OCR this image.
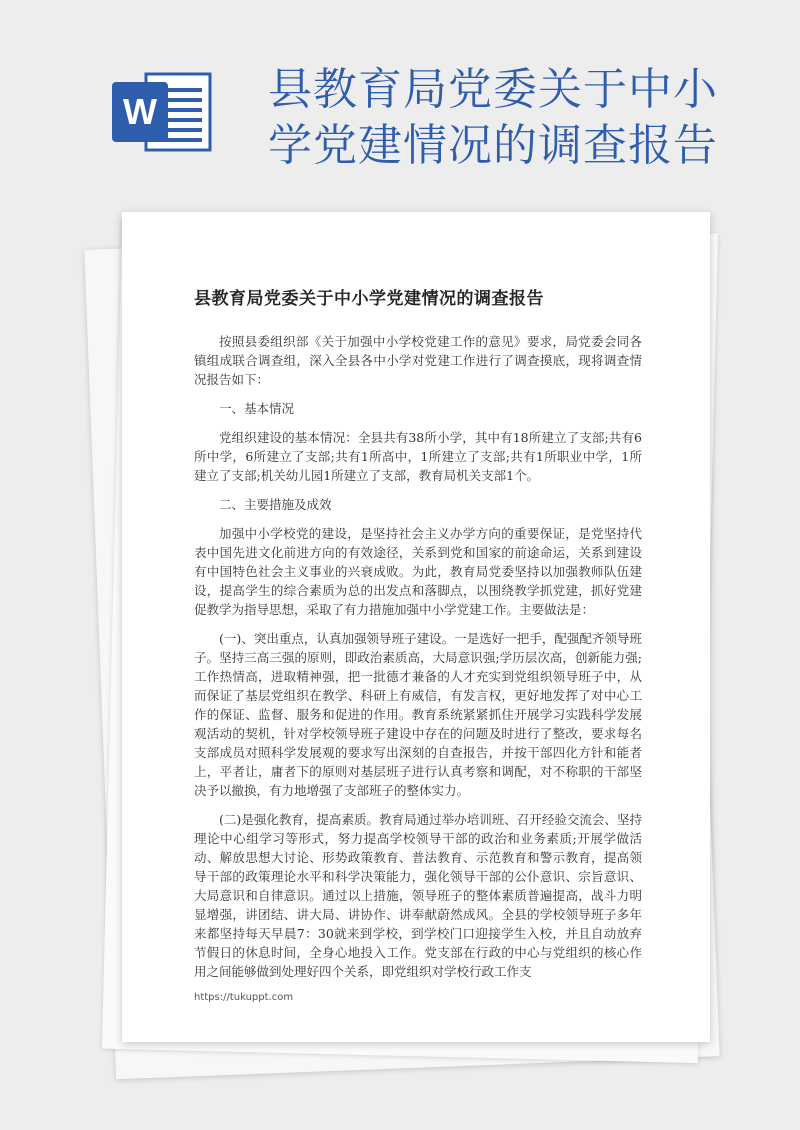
W	县教育局党委关于中小
学党建情况的调查报告
县教育局党委关于中小学党建情况的调查报告

按照县委组织部《关于加强中小学校党建工作的意见》要求，局党委会同各镇组成联合调查组，深入全县各中小学对党建工作进行了调查摸底，现将调查情况报告如下：

一、基本情况

党组织建设的基本情况：全县共有38所小学，其中有18所建立了支部;共有6所中学，6所建立了支部;共有1所高中，1所建立了支部;共有1所职业中学，1所建立了支部;机关幼儿园1所建立了支部，教育局机关支部1个。

二、主要措施及成效

加强中小学校党的建设，是坚持社会主义办学方向的重要保证，是党坚持代表中国先进文化前进方向的有效途径，关系到党和国家的前途命运，关系到建设有中国特色社会主义事业的兴衰成败。为此，教育局党委坚持以加强教师队伍建设，提高学生的综合素质为总的出发点和落脚点，以围绕教学抓党建，抓好党建促教学为指导思想，采取了有力措施加强中小学党建工作。主要做法是：

(一)、突出重点，认真加强领导班子建设。一是选好一把手，配强配齐领导班子。坚持三高三强的原则，即政治素质高，大局意识强;学历层次高，创新能力强;工作热情高，进取精神强，把一批德才兼备的人才充实到党组织领导班子中，从而保证了基层党组织在教学、科研上有威信，有发言权，更好地发挥了对中心工作的保证、监督、服务和促进的作用。教育系统紧紧抓住开展学习实践科学发展观活动的契机，针对学校领导班子建设中存在的问题及时进行了整改，要求每名支部成员对照科学发展观的要求写出深刻的自查报告，并按干部四化方针和能者上，平者让，庸者下的原则对基层班子进行认真考察和调配，对不称职的干部坚决予以撤换，有力地增强了支部班子的整体实力。

(二)是强化教育，提高素质。教育局通过举办培训班、召开经验交流会、坚持理论中心组学习等形式，努力提高学校领导干部的政治和业务素质;开展学做活动、解放思想大讨论、形势政策教育、普法教育、示范教育和警示教育，提高领导干部的政策理论水平和科学决策能力，强化领导干部的公仆意识、宗旨意识、大局意识和自律意识。通过以上措施，领导班子的整体素质普遍提高，战斗力明显增强，讲团结、讲大局、讲协作、讲奉献蔚然成风。全县的学校领导班子多年来都坚持每天早晨7：30就来到学校，到学校门口迎接学生入校，并且自动放弃节假日的休息时间，全身心地投入工作。党支部在行政的中心与党组织的核心作用之间能够做到处理好四个关系，即党组织对学校行政工作支

https://tukuppt.com
